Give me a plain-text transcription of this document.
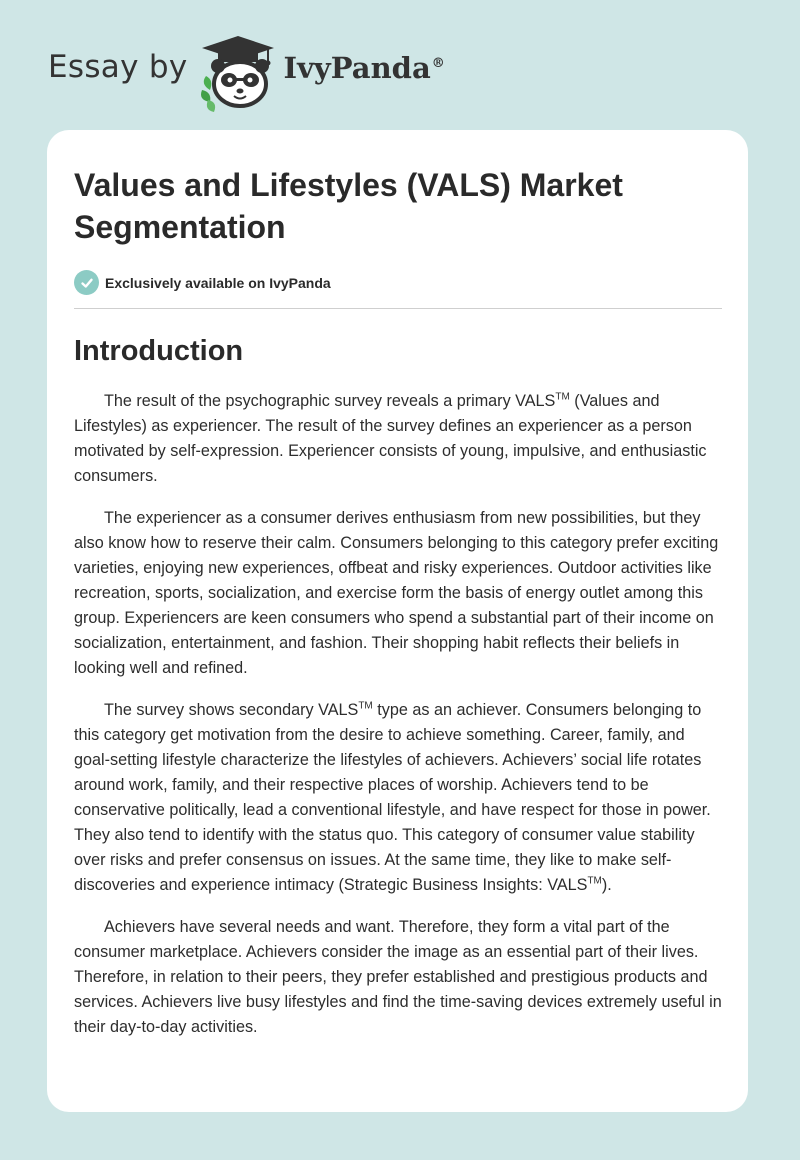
Essay by	IvyPanda®
Values and Lifestyles (VALS) Market Segmentation
Exclusively available on IvyPanda
Introduction

The result of the psychographic survey reveals a primary VALS™ (Values and Lifestyles) as experiencer. The result of the survey defines an experiencer as a person motivated by self-expression. Experiencer consists of young, impulsive, and enthusiastic consumers.

The experiencer as a consumer derives enthusiasm from new possibilities, but they also know how to reserve their calm. Consumers belonging to this category prefer exciting varieties, enjoying new experiences, offbeat and risky experiences. Outdoor activities like recreation, sports, socialization, and exercise form the basis of energy outlet among this group. Experiencers are keen consumers who spend a substantial part of their income on socialization, entertainment, and fashion. Their shopping habit reflects their beliefs in looking well and refined.

The survey shows secondary VALS™ type as an achiever. Consumers belonging to this category get motivation from the desire to achieve something. Career, family, and goal-setting lifestyle characterize the lifestyles of achievers. Achievers’ social life rotates around work, family, and their respective places of worship. Achievers tend to be conservative politically, lead a conventional lifestyle, and have respect for those in power. They also tend to identify with the status quo. This category of consumer value stability over risks and prefer consensus on issues. At the same time, they like to make self-discoveries and experience intimacy (Strategic Business Insights: VALS™).

Achievers have several needs and want. Therefore, they form a vital part of the consumer marketplace. Achievers consider the image as an essential part of their lives. Therefore, in relation to their peers, they prefer established and prestigious products and services. Achievers live busy lifestyles and find the time-saving devices extremely useful in their day-to-day activities.
